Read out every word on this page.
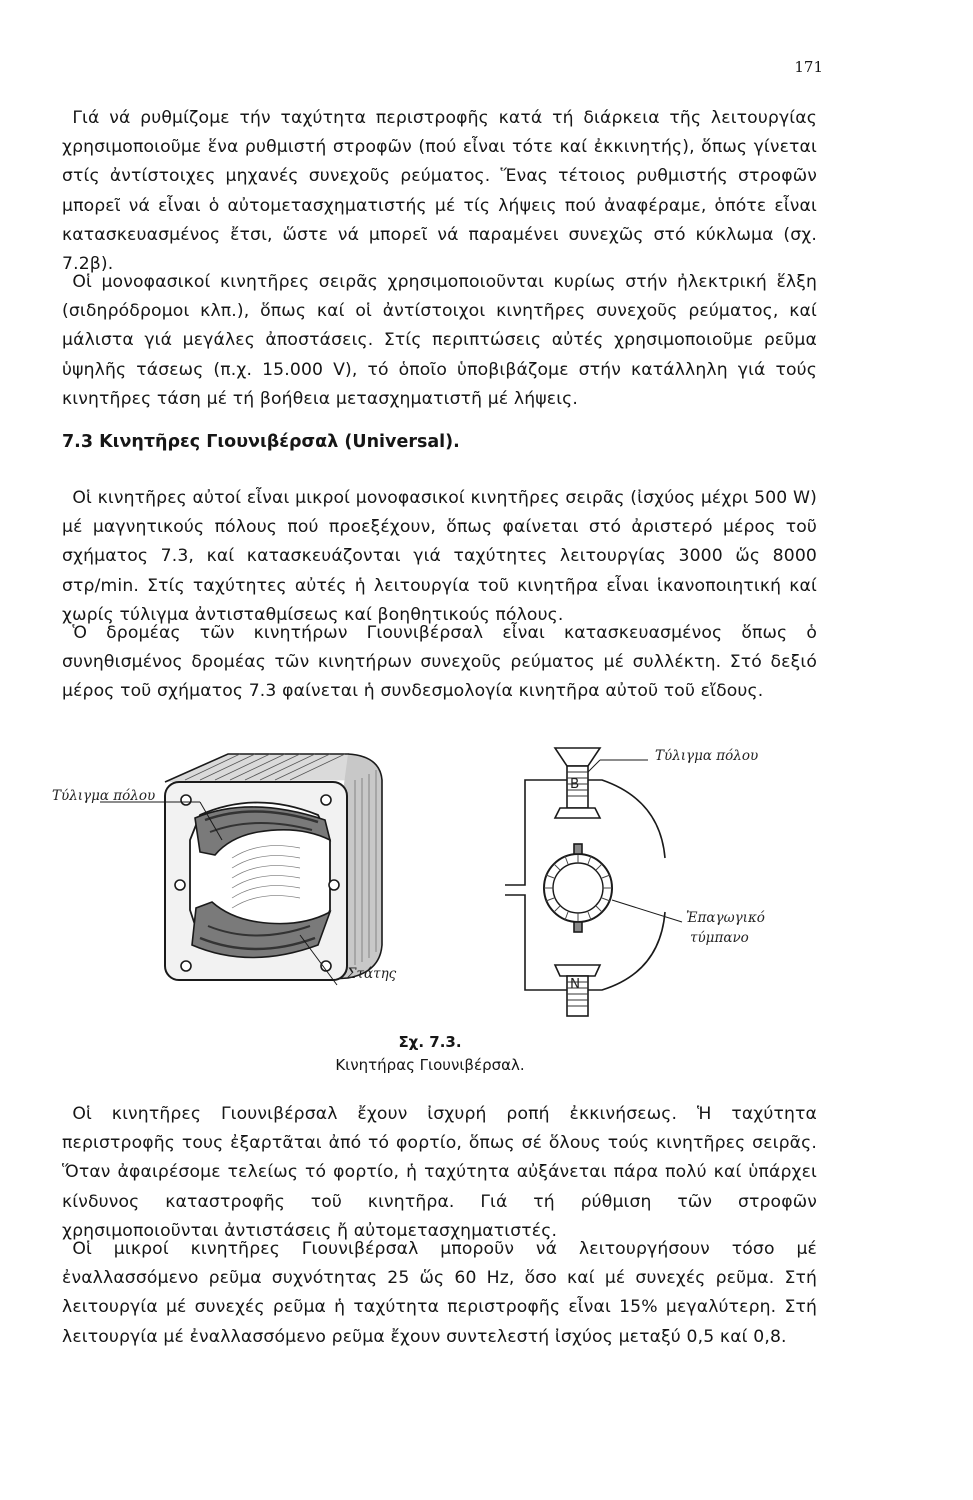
171

Γιά νά ρυθμίζομε τήν ταχύτητα περιστροφῆς κατά τή διάρκεια τῆς λειτουργίας χρησιμοποιοῦμε ἕνα ρυθμιστή στροφῶν (πού εἶναι τότε καί ἐκκινητής), ὅπως γίνεται στίς ἀντίστοιχες μηχανές συνεχοῦς ρεύματος. Ἕνας τέτοιος ρυθμιστής στροφῶν μπορεῖ νά εἶναι ὁ αὐτομετασχηματιστής μέ τίς λήψεις πού ἀναφέραμε, ὁπότε εἶναι κατασκευασμένος ἔτσι, ὥστε νά μπορεῖ νά παραμένει συνεχῶς στό κύκλωμα (σχ. 7.2β).

Οἱ μονοφασικοί κινητῆρες σειρᾶς χρησιμοποιοῦνται κυρίως στήν ἠλεκτρική ἕλξη (σιδηρόδρομοι κλπ.), ὅπως καί οἱ ἀντίστοιχοι κινητῆρες συνεχοῦς ρεύματος, καί μάλιστα γιά μεγάλες ἀποστάσεις. Στίς περιπτώσεις αὐτές χρησιμοποιοῦμε ρεῦμα ὑψηλῆς τάσεως (π.χ. 15.000 V), τό ὁποῖο ὑποβιβάζομε στήν κατάλληλη γιά τούς κινητῆρες τάση μέ τή βοήθεια μετασχηματιστῆ μέ λήψεις.

7.3 Κινητῆρες Γιουνιβέρσαλ (Universal).

Οἱ κινητῆρες αὐτοί εἶναι μικροί μονοφασικοί κινητῆρες σειρᾶς (ἰσχύος μέχρι 500 W) μέ μαγνητικούς πόλους πού προεξέχουν, ὅπως φαίνεται στό ἀριστερό μέρος τοῦ σχήματος 7.3, καί κατασκευάζονται γιά ταχύτητες λειτουργίας 3000 ὥς 8000 στρ/min. Στίς ταχύτητες αὐτές ἡ λειτουργία τοῦ κινητῆρα εἶναι ἱκανοποιητική καί χωρίς τύλιγμα ἀντισταθμίσεως καί βοηθητικούς πόλους.

Ὁ δρομέας τῶν κινητήρων Γιουνιβέρσαλ εἶναι κατασκευασμένος ὅπως ὁ συνηθισμένος δρομέας τῶν κινητήρων συνεχοῦς ρεύματος μέ συλλέκτη. Στό δεξιό μέρος τοῦ σχήματος 7.3 φαίνεται ἡ συνδεσμολογία κινητῆρα αὐτοῦ τοῦ εἴδους.

Τύλιγμα πόλου
Στάτης
Τύλιγμα πόλου
Ἐπαγωγικό
τύμπανο
B
N

Σχ. 7.3.

Κινητήρας Γιουνιβέρσαλ.

Οἱ κινητῆρες Γιουνιβέρσαλ ἔχουν ἰσχυρή ροπή ἐκκινήσεως. Ἡ ταχύτητα περιστροφῆς τους ἐξαρτᾶται ἀπό τό φορτίο, ὅπως σέ ὅλους τούς κινητῆρες σειρᾶς. Ὅταν ἀφαιρέσομε τελείως τό φορτίο, ἡ ταχύτητα αὐξάνεται πάρα πολύ καί ὑπάρχει κίνδυνος καταστροφῆς τοῦ κινητῆρα. Γιά τή ρύθμιση τῶν στροφῶν χρησιμοποιοῦνται ἀντιστάσεις ἤ αὐτομετασχηματιστές.

Οἱ μικροί κινητῆρες Γιουνιβέρσαλ μποροῦν νά λειτουργήσουν τόσο μέ ἐναλλασσόμενο ρεῦμα συχνότητας 25 ὥς 60 Hz, ὅσο καί μέ συνεχές ρεῦμα. Στή λειτουργία μέ συνεχές ρεῦμα ἡ ταχύτητα περιστροφῆς εἶναι 15% μεγαλύτερη. Στή λειτουργία μέ ἐναλλασσόμενο ρεῦμα ἔχουν συντελεστή ἰσχύος μεταξύ 0,5 καί 0,8.
